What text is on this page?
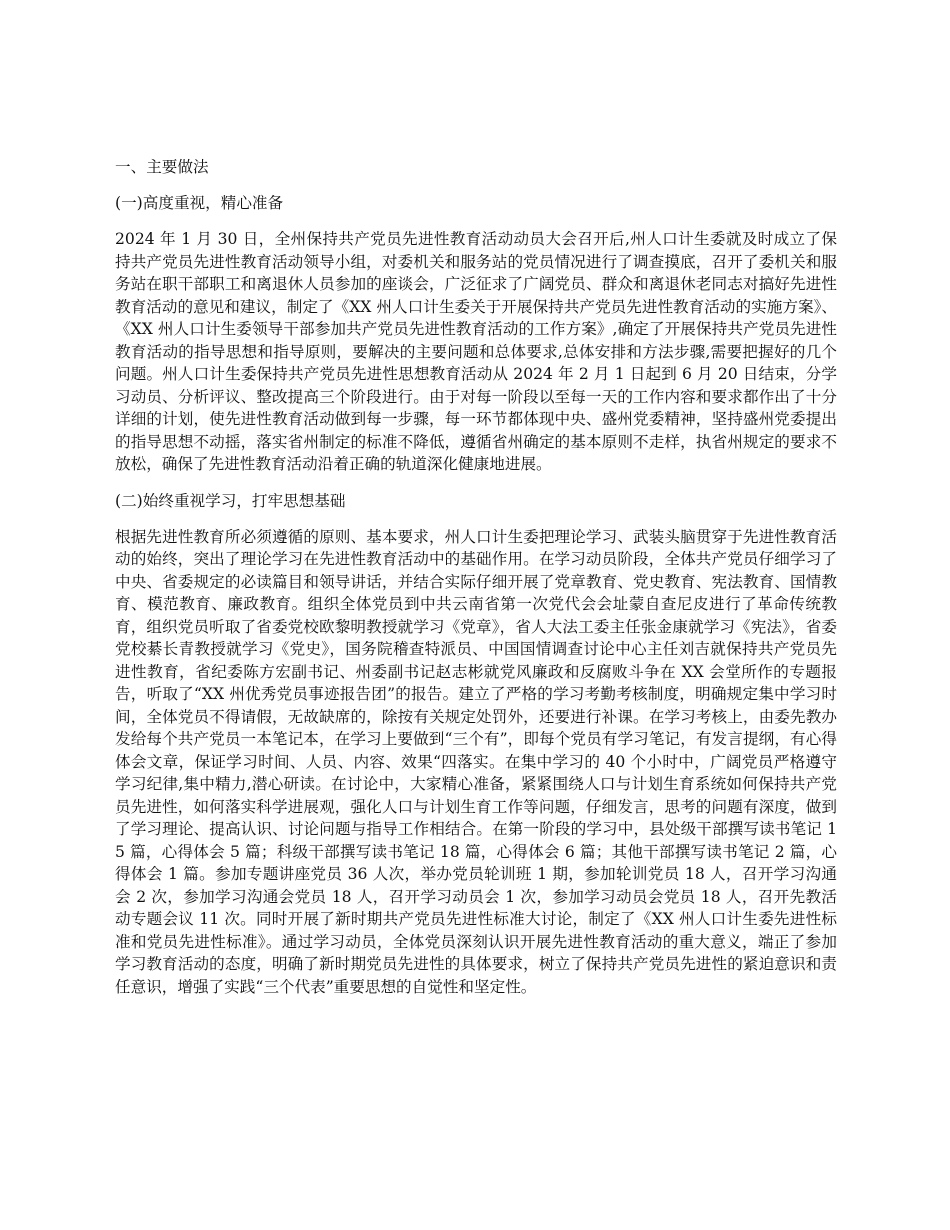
一、主要做法

(一)高度重视，精心准备

2024 年 1 月 30 日，全州保持共产党员先进性教育活动动员大会召开后,州人口计生委就及时成立了保持共产党员先进性教育活动领导小组，对委机关和服务站的党员情况进行了调查摸底，召开了委机关和服务站在职干部职工和离退休人员参加的座谈会，广泛征求了广阔党员、群众和离退休老同志对搞好先进性教育活动的意见和建议，制定了《XX 州人口计生委关于开展保持共产党员先进性教育活动的实施方案》、《XX 州人口计生委领导干部参加共产党员先进性教育活动的工作方案》,确定了开展保持共产党员先进性教育活动的指导思想和指导原则，要解决的主要问题和总体要求,总体安排和方法步骤,需要把握好的几个问题。州人口计生委保持共产党员先进性思想教育活动从 2024 年 2 月 1 日起到 6 月 20 日结束，分学习动员、分析评议、整改提高三个阶段进行。由于对每一阶段以至每一天的工作内容和要求都作出了十分详细的计划，使先进性教育活动做到每一步骤，每一环节都体现中央、盛州党委精神，坚持盛州党委提出的指导思想不动摇，落实省州制定的标准不降低，遵循省州确定的基本原则不走样，执省州规定的要求不放松，确保了先进性教育活动沿着正确的轨道深化健康地进展。

(二)始终重视学习，打牢思想基础

根据先进性教育所必须遵循的原则、基本要求，州人口计生委把理论学习、武装头脑贯穿于先进性教育活动的始终，突出了理论学习在先进性教育活动中的基础作用。在学习动员阶段，全体共产党员仔细学习了中央、省委规定的必读篇目和领导讲话，并结合实际仔细开展了党章教育、党史教育、宪法教育、国情教育、模范教育、廉政教育。组织全体党员到中共云南省第一次党代会会址蒙自查尼皮进行了革命传统教育，组织党员听取了省委党校欧黎明教授就学习《党章》，省人大法工委主任张金康就学习《宪法》，省委党校綦长青教授就学习《党史》，国务院稽查特派员、中国国情调查讨论中心主任刘吉就保持共产党员先进性教育，省纪委陈方宏副书记、州委副书记赵志彬就党风廉政和反腐败斗争在 XX 会堂所作的专题报告，听取了“XX 州优秀党员事迹报告团”的报告。建立了严格的学习考勤考核制度，明确规定集中学习时间，全体党员不得请假，无故缺席的，除按有关规定处罚外，还要进行补课。在学习考核上，由委先教办发给每个共产党员一本笔记本，在学习上要做到“三个有”，即每个党员有学习笔记，有发言提纲，有心得体会文章，保证学习时间、人员、内容、效果“四落实。在集中学习的 40 个小时中，广阔党员严格遵守学习纪律,集中精力,潜心研读。在讨论中，大家精心准备，紧紧围绕人口与计划生育系统如何保持共产党员先进性，如何落实科学进展观，强化人口与计划生育工作等问题，仔细发言，思考的问题有深度，做到了学习理论、提高认识、讨论问题与指导工作相结合。在第一阶段的学习中，县处级干部撰写读书笔记 15 篇，心得体会 5 篇；科级干部撰写读书笔记 18 篇，心得体会 6 篇；其他干部撰写读书笔记 2 篇，心得体会 1 篇。参加专题讲座党员 36 人次，举办党员轮训班 1 期，参加轮训党员 18 人，召开学习沟通会 2 次，参加学习沟通会党员 18 人，召开学习动员会 1 次，参加学习动员会党员 18 人，召开先教活动专题会议 11 次。同时开展了新时期共产党员先进性标准大讨论，制定了《XX 州人口计生委先进性标准和党员先进性标准》。通过学习动员，全体党员深刻认识开展先进性教育活动的重大意义，端正了参加学习教育活动的态度，明确了新时期党员先进性的具体要求，树立了保持共产党员先进性的紧迫意识和责任意识，增强了实践“三个代表”重要思想的自觉性和坚定性。
